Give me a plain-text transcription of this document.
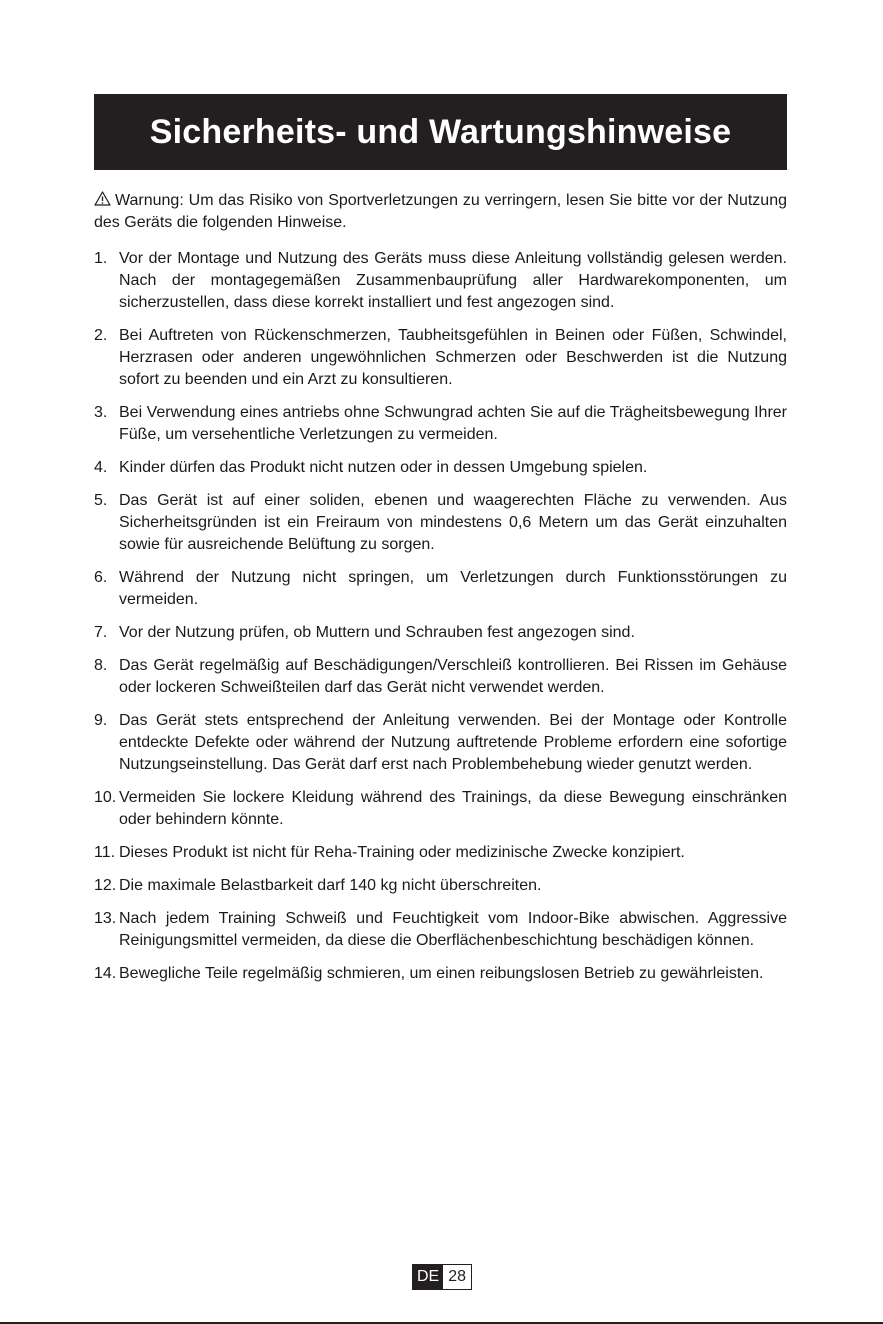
Sicherheits- und Wartungshinweise

Warnung: Um das Risiko von Sportverletzungen zu verringern, lesen Sie bitte vor der Nutzung des Geräts die folgenden Hinweise.

1. Vor der Montage und Nutzung des Geräts muss diese Anleitung vollständig gelesen werden. Nach der montagegemäßen Zusammenbauprüfung aller Hardwarekomponenten, um sicherzustellen, dass diese korrekt installiert und fest angezogen sind.
2. Bei Auftreten von Rückenschmerzen, Taubheitsgefühlen in Beinen oder Füßen, Schwindel, Herzrasen oder anderen ungewöhnlichen Schmerzen oder Beschwerden ist die Nutzung sofort zu beenden und ein Arzt zu konsultieren.
3. Bei Verwendung eines antriebs ohne Schwungrad achten Sie auf die Trägheitsbewegung Ihrer Füße, um versehentliche Verletzungen zu vermeiden.
4. Kinder dürfen das Produkt nicht nutzen oder in dessen Umgebung spielen.
5. Das Gerät ist auf einer soliden, ebenen und waagerechten Fläche zu verwenden. Aus Sicherheitsgründen ist ein Freiraum von mindestens 0,6 Metern um das Gerät einzuhalten sowie für ausreichende Belüftung zu sorgen.
6. Während der Nutzung nicht springen, um Verletzungen durch Funktionsstörungen zu vermeiden.
7. Vor der Nutzung prüfen, ob Muttern und Schrauben fest angezogen sind.
8. Das Gerät regelmäßig auf Beschädigungen/Verschleiß kontrollieren. Bei Rissen im Gehäuse oder lockeren Schweißteilen darf das Gerät nicht verwendet werden.
9. Das Gerät stets entsprechend der Anleitung verwenden. Bei der Montage oder Kontrolle entdeckte Defekte oder während der Nutzung auftretende Probleme erfordern eine sofortige Nutzungseinstellung. Das Gerät darf erst nach Problembehebung wieder genutzt werden.
10. Vermeiden Sie lockere Kleidung während des Trainings, da diese Bewegung einschränken oder behindern könnte.
11. Dieses Produkt ist nicht für Reha-Training oder medizinische Zwecke konzipiert.
12. Die maximale Belastbarkeit darf 140 kg nicht überschreiten.
13. Nach jedem Training Schweiß und Feuchtigkeit vom Indoor-Bike abwischen. Aggressive Reinigungsmittel vermeiden, da diese die Oberflächenbeschichtung beschädigen können.
14. Bewegliche Teile regelmäßig schmieren, um einen reibungslosen Betrieb zu gewährleisten.
DE 28
